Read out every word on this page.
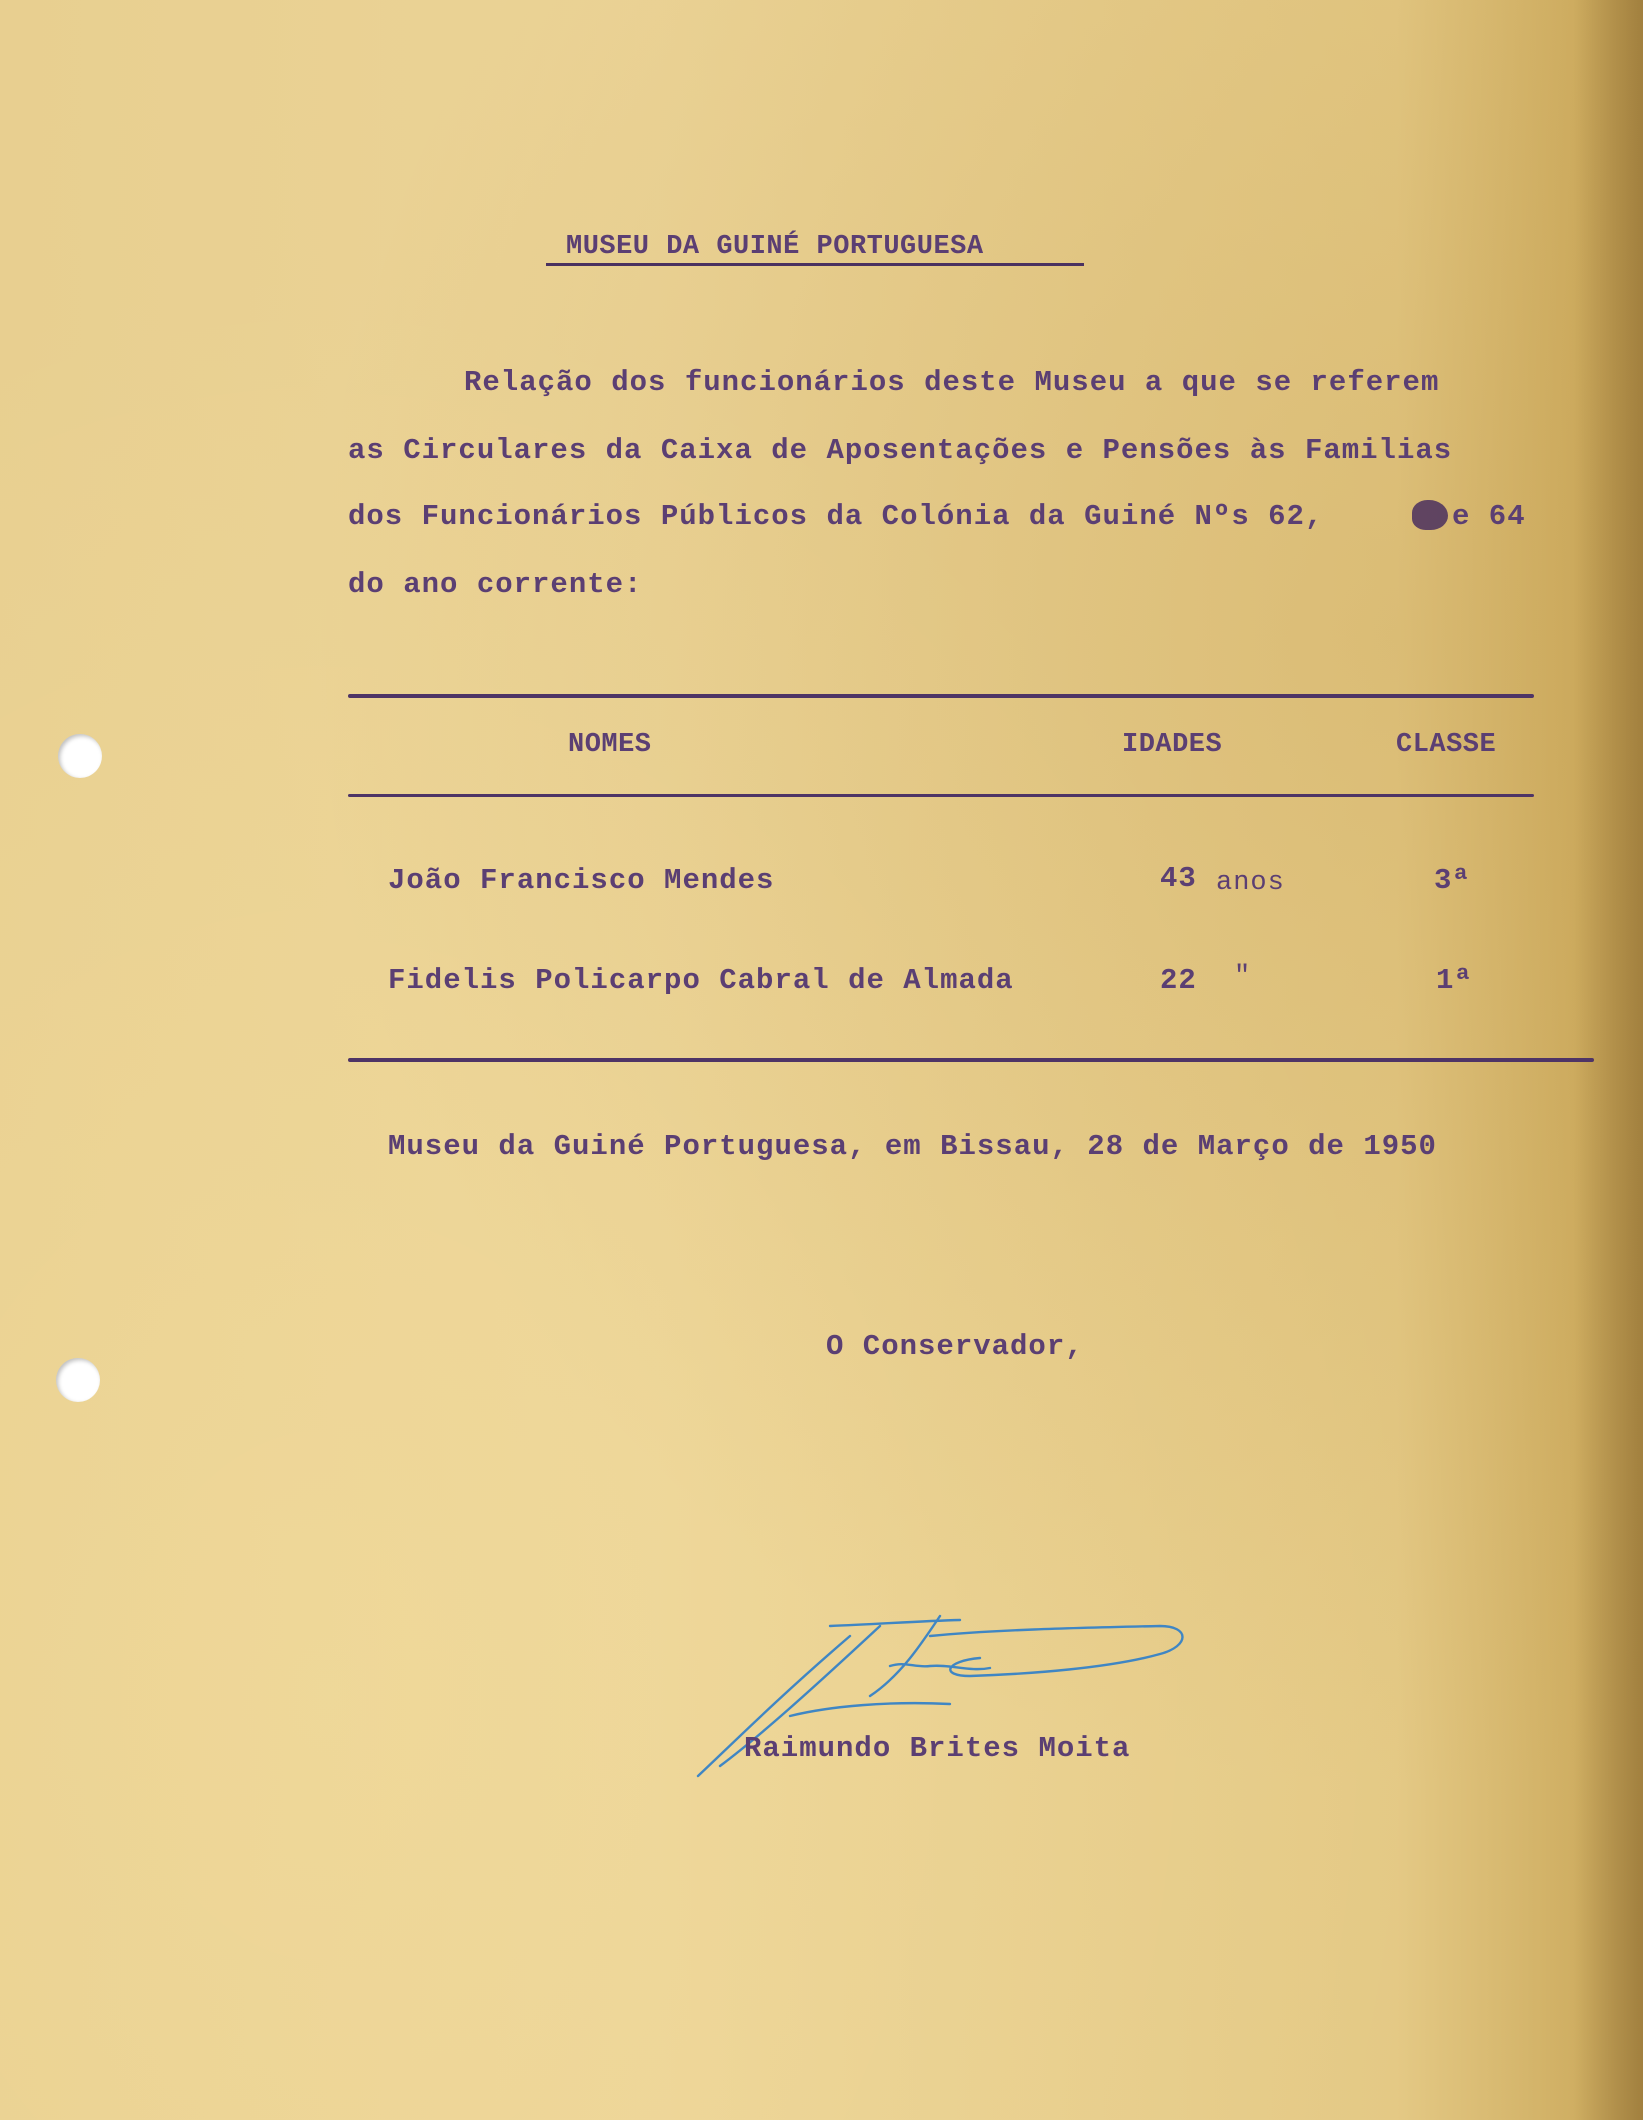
MUSEU DA GUINÉ PORTUGUESA
Relação dos funcionários deste Museu a que se referem
as Circulares da Caixa de Aposentações e Pensões às Familias
dos Funcionários Públicos da Colónia da Guiné Nºs 62,	e 64
do ano corrente:
NOMES	IDADES	CLASSE
João Francisco Mendes	43 anos	3ª
Fidelis Policarpo Cabral de Almada	22 "	1ª
Museu da Guiné Portuguesa, em Bissau, 28 de Março de 1950
O Conservador,
Raimundo Brites Moita
